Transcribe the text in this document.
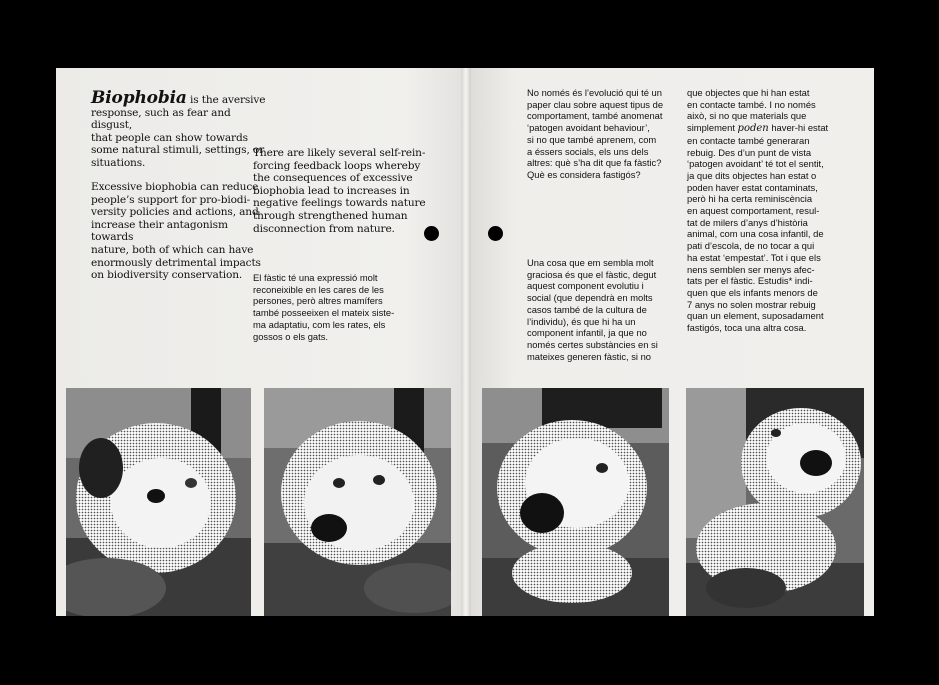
Biophobia is the aversive
response, such as fear and disgust,
that people can show towards
some natural stimuli, settings, or
situations.

Excessive biophobia can reduce
people’s support for pro-biodi-
versity policies and actions, and
increase their antagonism towards
nature, both of which can have
enormously detrimental impacts
on biodiversity conservation.

There are likely several self-rein-
forcing feedback loops whereby
the consequences of excessive
biophobia lead to increases in
negative feelings towards nature
through strengthened human
disconnection from nature.

El fàstic té una expressió molt
reconeixible en les cares de les
persones, però altres mamífers
també posseeixen el mateix siste-
ma adaptatiu, com les rates, els
gossos o els gats.

No només és l’evolució qui té un
paper clau sobre aquest tipus de
comportament, també anomenat
‘patogen avoidant behaviour’,
si no que també aprenem, com
a éssers socials, els uns dels
altres: què s’ha dit que fa fàstic?
Què es considera fastigós?

Una cosa que em sembla molt
graciosa és que el fàstic, degut
aquest component evolutiu i
social (que dependrà en molts
casos també de la cultura de
l’individu), és que hi ha un
component infantil, ja que no
només certes substàncies en si
mateixes generen fàstic, si no

que objectes que hi han estat
en contacte també. I no només
això, si no que materials que
simplement poden haver-hi estat
en contacte també generaran
rebuig. Des d’un punt de vista
‘patogen avoidant’ té tot el sentit,
ja que dits objectes han estat o
poden haver estat contaminats,
però hi ha certa reminiscència
en aquest comportament, resul-
tat de milers d’anys d’història
animal, com una cosa infantil, de
pati d’escola, de no tocar a qui
ha estat ‘empestat’. Tot i que els
nens semblen ser menys afec-
tats per el fàstic. Estudis* indi-
quen que els infants menors de
7 anys no solen mostrar rebuig
quan un element, suposadament
fastigós, toca una altra cosa.
